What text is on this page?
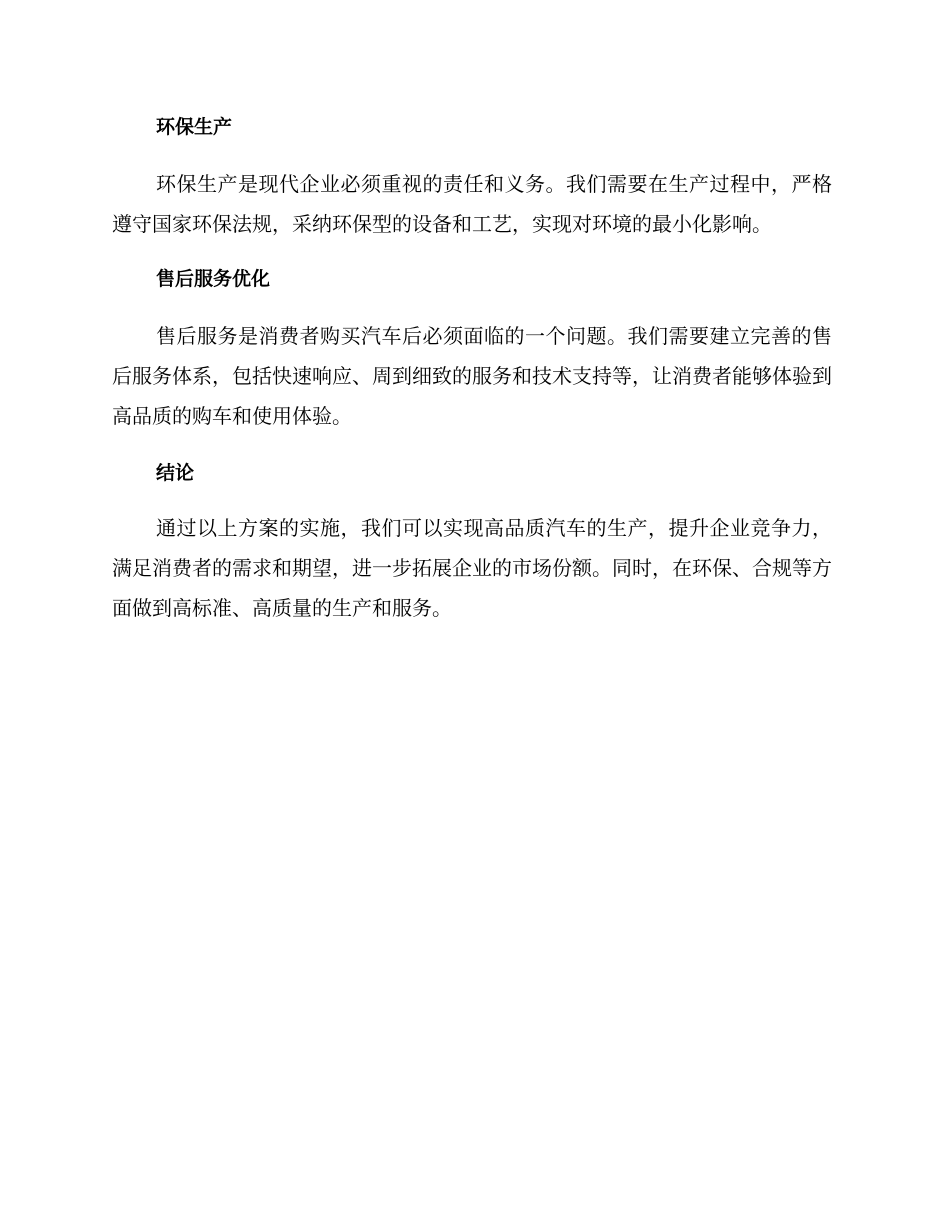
环保生产

环保生产是现代企业必须重视的责任和义务。我们需要在生产过程中，严格遵守国家环保法规，采纳环保型的设备和工艺，实现对环境的最小化影响。

售后服务优化

售后服务是消费者购买汽车后必须面临的一个问题。我们需要建立完善的售后服务体系，包括快速响应、周到细致的服务和技术支持等，让消费者能够体验到高品质的购车和使用体验。

结论

通过以上方案的实施，我们可以实现高品质汽车的生产，提升企业竞争力，满足消费者的需求和期望，进一步拓展企业的市场份额。同时，在环保、合规等方面做到高标准、高质量的生产和服务。
